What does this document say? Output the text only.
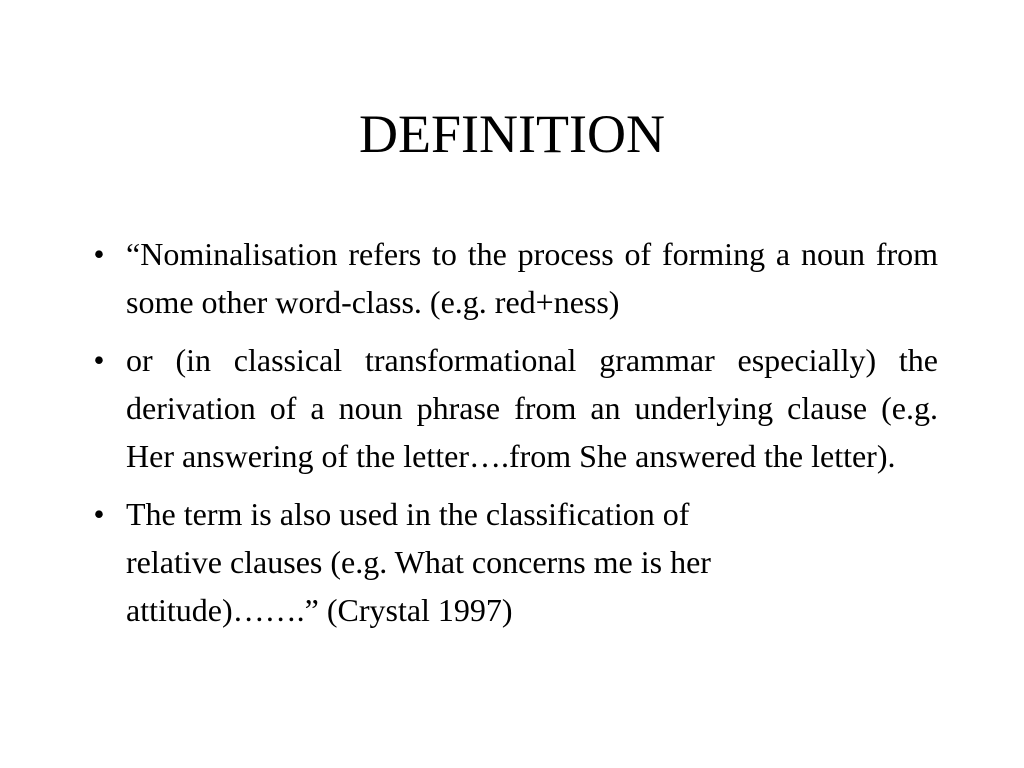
DEFINITION
• “Nominalisation refers to the process of forming a noun from some other word-class. (e.g. red+ness)
• or (in classical transformational grammar especially) the derivation of a noun phrase from an underlying clause (e.g. Her answering of the letter….from She answered the letter).
• The term is also used in the classification of
relative clauses (e.g. What concerns me is her
attitude)…….” (Crystal 1997)
